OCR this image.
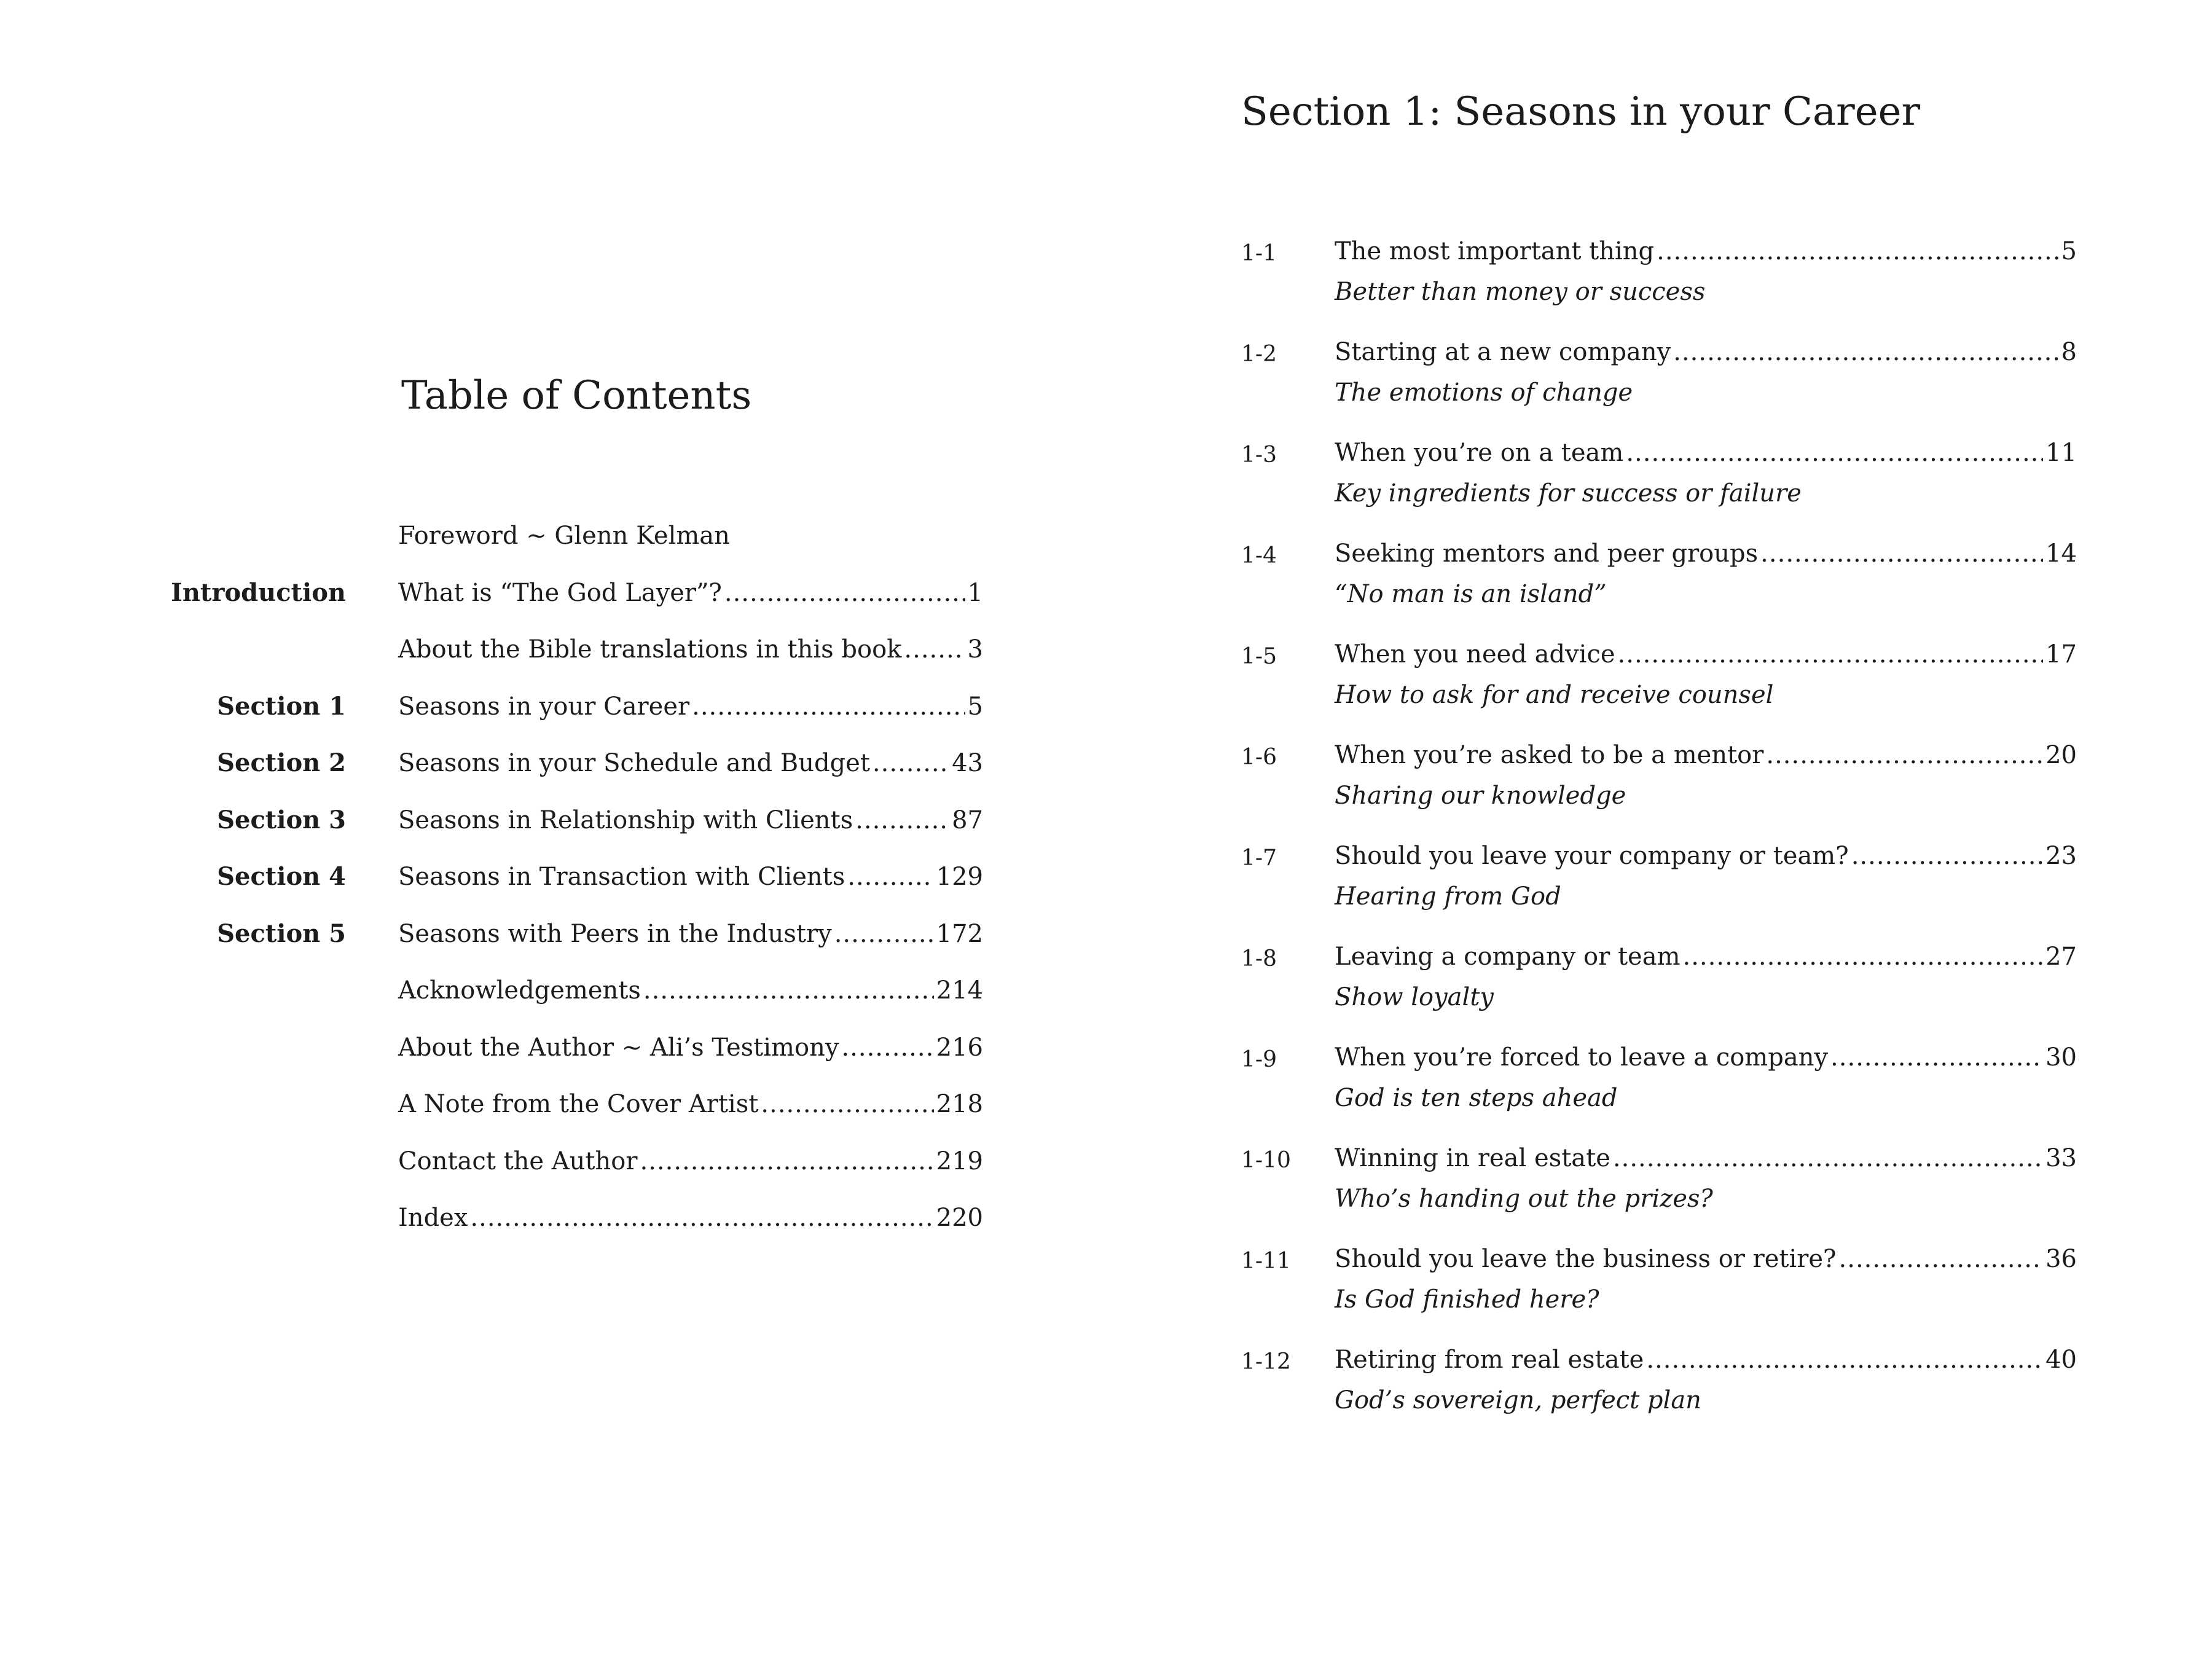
Table of Contents
Foreword ~ Glenn Kelman
Introduction What is “The God Layer”? .....	1
About the Bible translations in this book .....	3
Section 1 Seasons in your Career .....	5
Section 2 Seasons in your Schedule and Budget .....	43
Section 3 Seasons in Relationship with Clients .....	87
Section 4 Seasons in Transaction with Clients .....	129
Section 5 Seasons with Peers in the Industry .....	172
Acknowledgements .....	214
About the Author ~ Ali’s Testimony .....	216
A Note from the Cover Artist .....	218
Contact the Author .....	219
Index .....	220
Section 1: Seasons in your Career
1-1 The most important thing .....	5
Better than money or success
1-2 Starting at a new company .....	8
The emotions of change
1-3 When you’re on a team .....	11
Key ingredients for success or failure
1-4 Seeking mentors and peer groups .....	14
“No man is an island”
1-5 When you need advice .....	17
How to ask for and receive counsel
1-6 When you’re asked to be a mentor .....	20
Sharing our knowledge
1-7 Should you leave your company or team? .....	23
Hearing from God
1-8 Leaving a company or team .....	27
Show loyalty
1-9 When you’re forced to leave a company .....	30
God is ten steps ahead
1-10 Winning in real estate .....	33
Who’s handing out the prizes?
1-11 Should you leave the business or retire? .....	36
Is God finished here?
1-12 Retiring from real estate .....	40
God’s sovereign, perfect plan
